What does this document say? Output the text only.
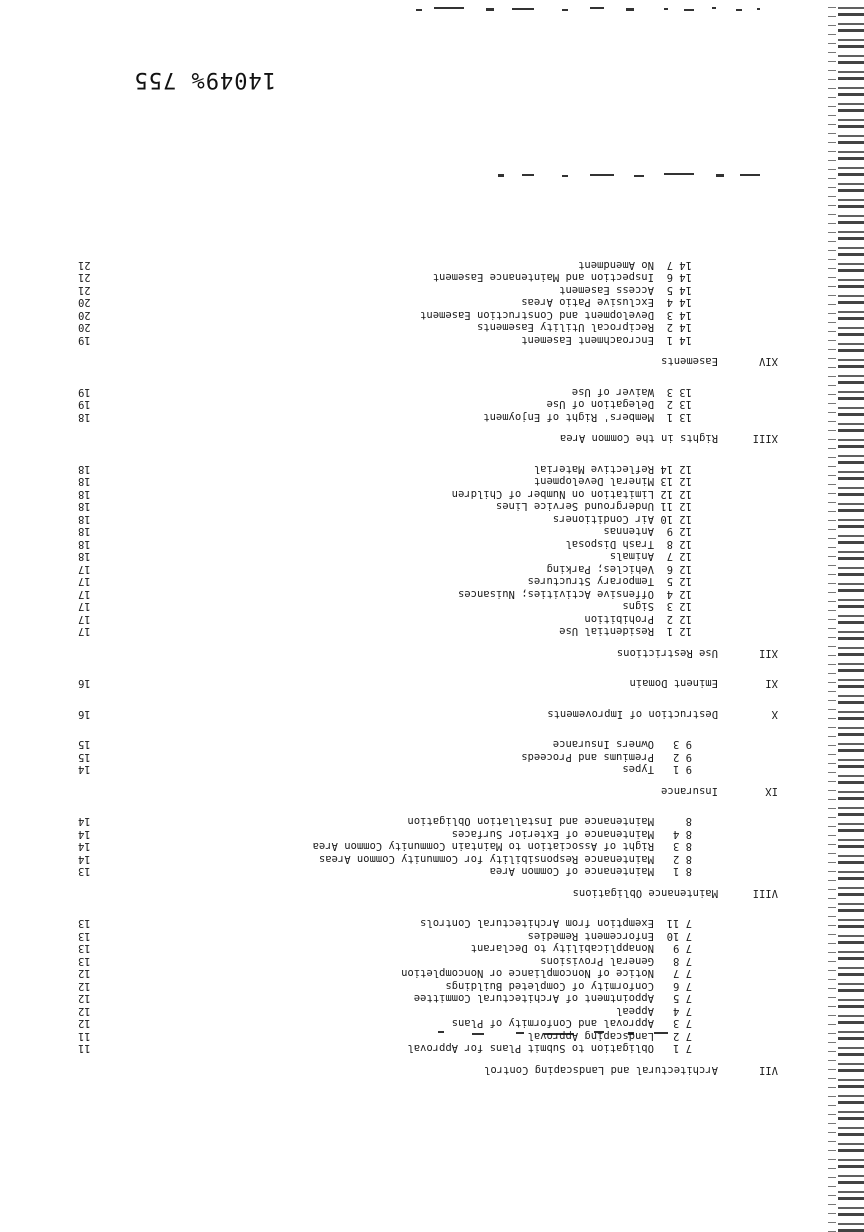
14049% 755
VII
Architectural and Landscaping Control
7 1
Obligation to Submit Plans for Approval
11
7 2
Landscaping Approval
11
7 3
Approval and Conformity of Plans
12
7 4
Appeal
12
7 5
Appointment of Architectural Committee
12
7 6
Conformity of Completed Buildings
12
7 7
Notice of Noncompliance or Noncompletion
12
7 8
General Provisions
13
7 9
Nonapplicability to Declarant
13
7 10
Enforcement Remedies
13
7 11
Exemption from Architectural Controls
13
VIII
Maintenance Obligations
8 1
Maintenance of Common Area
13
8 2
Maintenance Responsibility for Community Common Areas
14
8 3
Right of Association to Maintain Community Common Area
14
8 4
Maintenance of Exterior Surfaces
14
8
Maintenance and Installation Obligation
14
IX
Insurance
9 1
Types
14
9 2
Premiums and Proceeds
15
9 3
Owners Insurance
15
X
Destruction of Improvements
16
XI
Eminent Domain
16
XII
Use Restrictions
12 1
Residential Use
17
12 2
Prohibition
17
12 3
Signs
17
12 4
Offensive Activities; Nuisances
17
12 5
Temporary Structures
17
12 6
Vehicles; Parking
17
12 7
Animals
18
12 8
Trash Disposal
18
12 9
Antennas
18
12 10
Air Conditioners
18
12 11
Underground Service Lines
18
12 12
Limitation on Number of Children
18
12 13
Mineral Development
18
12 14
Reflective Material
18
XIII
Rights in the Common Area
13 1
Members' Right of Enjoyment
18
13 2
Delegation of Use
19
13 3
Waiver of Use
19
XIV
Easements
14 1
Encroachment Easement
19
14 2
Reciprocal Utility Easements
20
14 3
Development and Construction Easement
20
14 4
Exclusive Patio Areas
20
14 5
Access Easement
21
14 6
Inspection and Maintenance Easement
21
14 7
No Amendment
21
